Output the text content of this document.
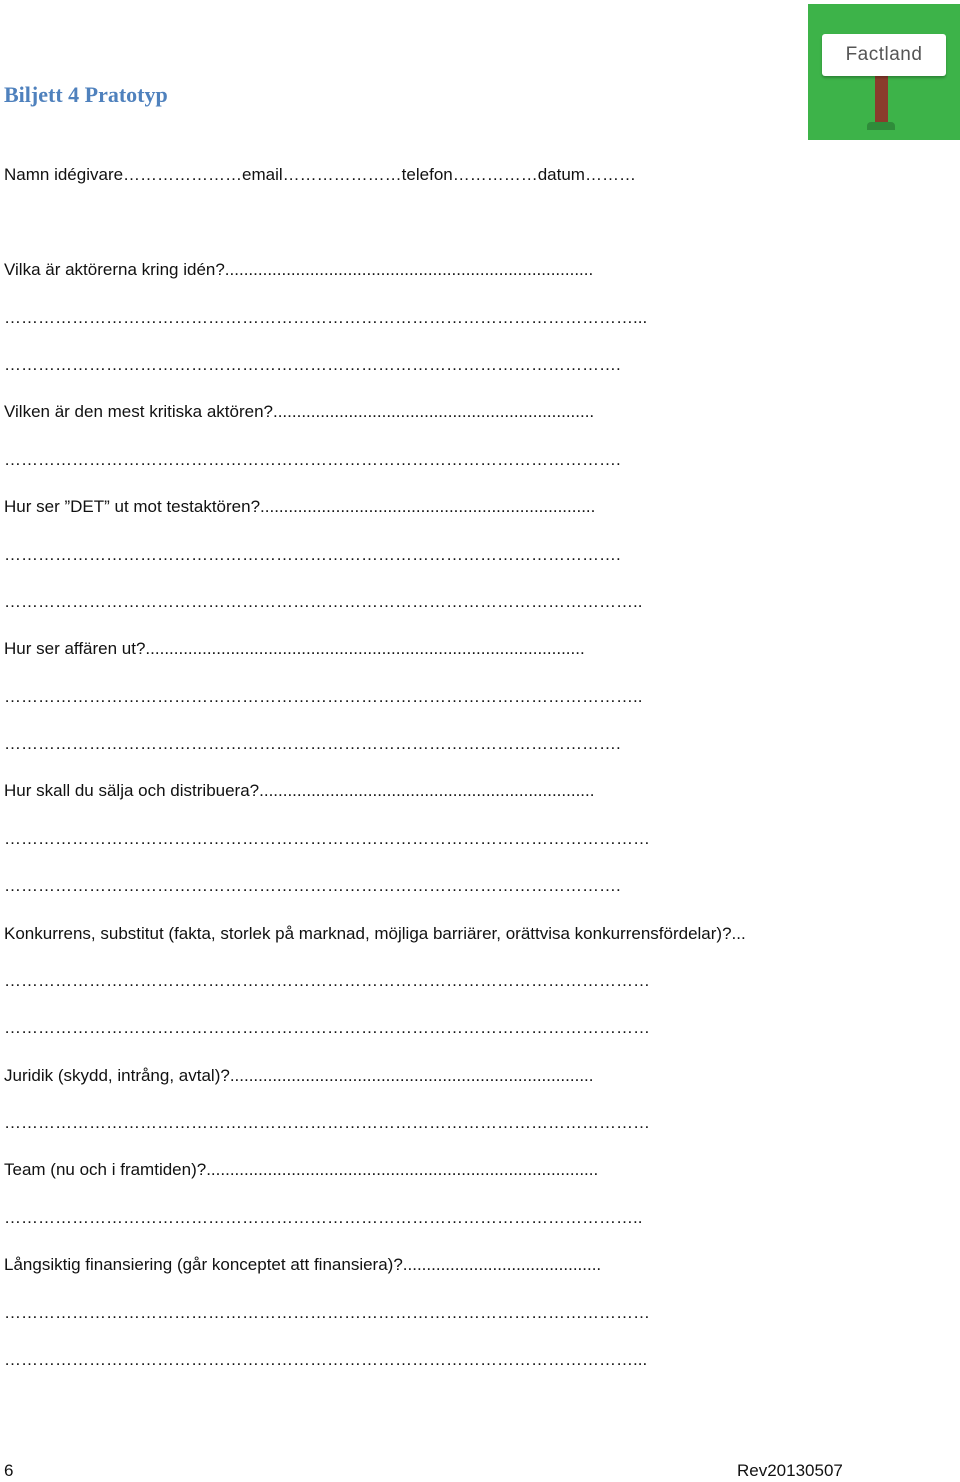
Biljett 4 Pratotyp
Factland
Namn idégivare…………………email…………………telefon……………datum………
Vilka är aktörerna kring idén?..............................................................................
…………………………………………………………………………………………………...
……………………………………………………………………………………………….
Vilken är den mest kritiska aktören?....................................................................
……………………………………………………………………………………………….
Hur ser ”DET” ut mot testaktören?.......................................................................
……………………………………………………………………………………………….
…………………………………………………………………………………………………..
Hur ser affären ut?.............................................................................................
…………………………………………………………………………………………………..
……………………………………………………………………………………………….
Hur skall du sälja och distribuera?.......................................................................
……………………………………………………………………………………………………
……………………………………………………………………………………………….
Konkurrens, substitut (fakta, storlek på marknad, möjliga barriärer, orättvisa konkurrensfördelar)?...
……………………………………………………………………………………………………
……………………………………………………………………………………………………
Juridik (skydd, intrång, avtal)?.............................................................................
……………………………………………………………………………………………………
Team (nu och i framtiden)?...................................................................................
…………………………………………………………………………………………………..
Långsiktig finansiering (går konceptet att finansiera)?..........................................
……………………………………………………………………………………………………
…………………………………………………………………………………………………...
6	Rev20130507
